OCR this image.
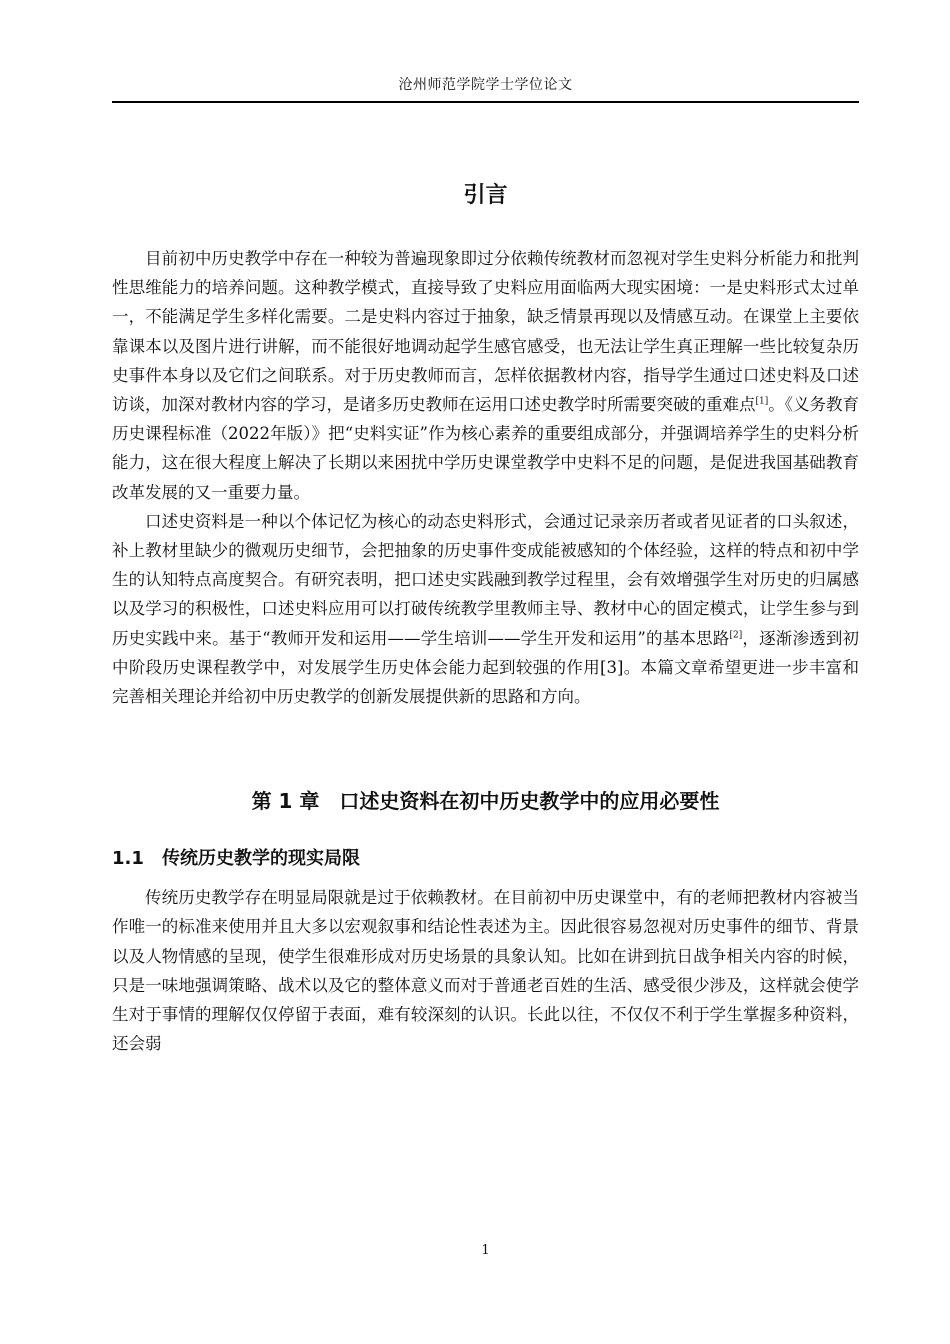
沧州师范学院学士学位论文
引言

目前初中历史教学中存在一种较为普遍现象即过分依赖传统教材而忽视对学生史料分析能力和批判性思维能力的培养问题。这种教学模式，直接导致了史料应用面临两大现实困境：一是史料形式太过单一，不能满足学生多样化需要。二是史料内容过于抽象，缺乏情景再现以及情感互动。在课堂上主要依靠课本以及图片进行讲解，而不能很好地调动起学生感官感受，也无法让学生真正理解一些比较复杂历史事件本身以及它们之间联系。对于历史教师而言，怎样依据教材内容，指导学生通过口述史料及口述访谈，加深对教材内容的学习，是诸多历史教师在运用口述史教学时所需要突破的重难点[1]。《义务教育历史课程标准（2022年版）》把“史料实证”作为核心素养的重要组成部分，并强调培养学生的史料分析能力，这在很大程度上解决了长期以来困扰中学历史课堂教学中史料不足的问题，是促进我国基础教育改革发展的又一重要力量。

口述史资料是一种以个体记忆为核心的动态史料形式，会通过记录亲历者或者见证者的口头叙述，补上教材里缺少的微观历史细节，会把抽象的历史事件变成能被感知的个体经验，这样的特点和初中学生的认知特点高度契合。有研究表明，把口述史实践融到教学过程里，会有效增强学生对历史的归属感以及学习的积极性，口述史料应用可以打破传统教学里教师主导、教材中心的固定模式，让学生参与到历史实践中来。基于“教师开发和运用——学生培训——学生开发和运用”的基本思路[2]，逐渐渗透到初中阶段历史课程教学中，对发展学生历史体会能力起到较强的作用[3]。本篇文章希望更进一步丰富和完善相关理论并给初中历史教学的创新发展提供新的思路和方向。

第 1 章　口述史资料在初中历史教学中的应用必要性
1.1 传统历史教学的现实局限

传统历史教学存在明显局限就是过于依赖教材。在目前初中历史课堂中，有的老师把教材内容被当作唯一的标准来使用并且大多以宏观叙事和结论性表述为主。因此很容易忽视对历史事件的细节、背景以及人物情感的呈现，使学生很难形成对历史场景的具象认知。比如在讲到抗日战争相关内容的时候，只是一味地强调策略、战术以及它的整体意义而对于普通老百姓的生活、感受很少涉及，这样就会使学生对于事情的理解仅仅停留于表面，难有较深刻的认识。长此以往，不仅仅不利于学生掌握多种资料，还会弱

1
